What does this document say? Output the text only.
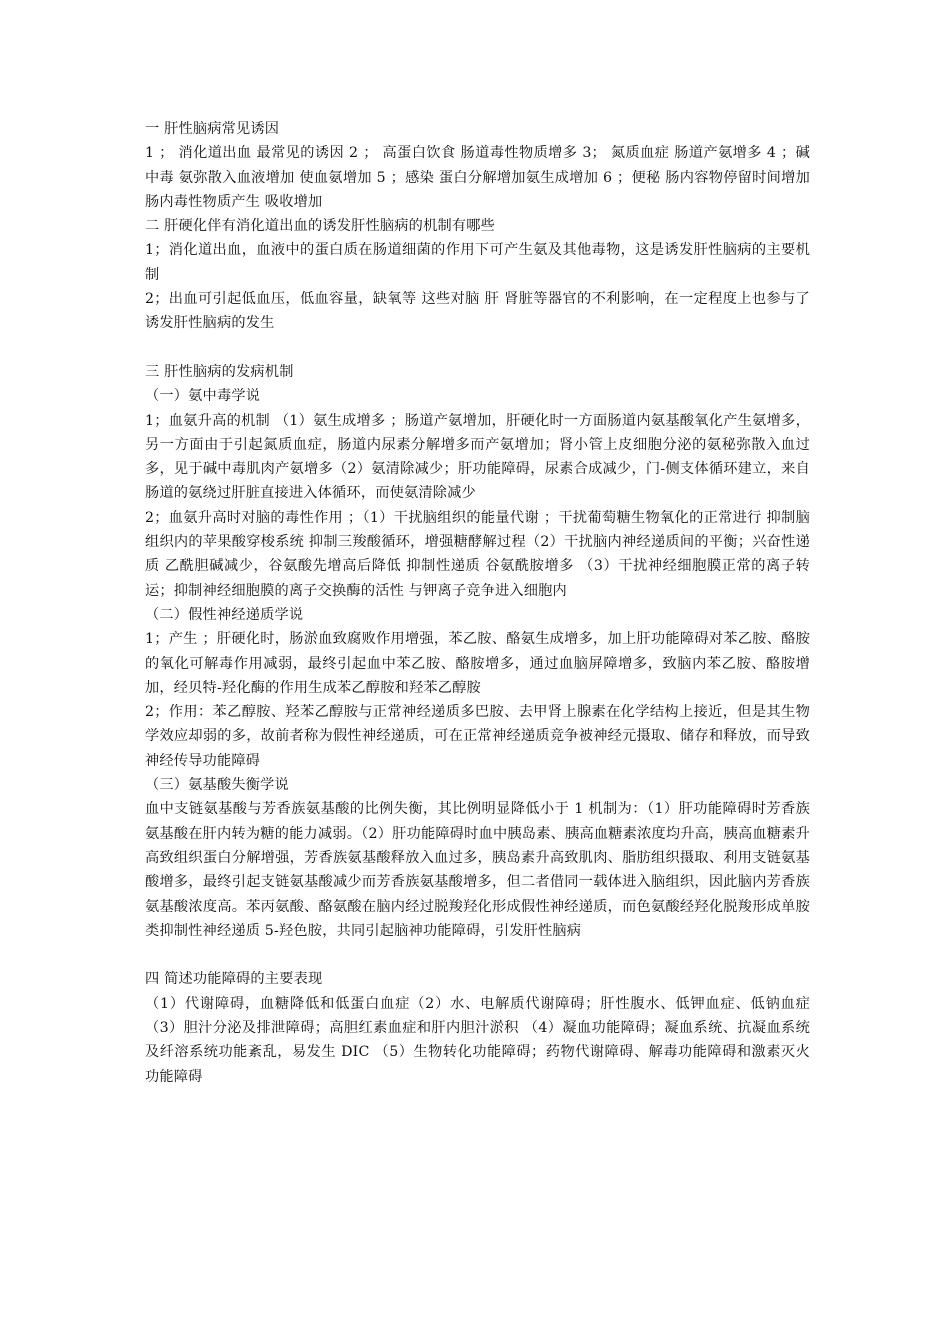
一 肝性脑病常见诱因

1 ； 消化道出血 最常见的诱因 2 ； 高蛋白饮食 肠道毒性物质增多 3； 氮质血症 肠道产氨增多 4 ；碱中毒 氨弥散入血液增加 使血氨增加 5 ；感染 蛋白分解增加氨生成增加 6 ；便秘 肠内容物停留时间增加 肠内毒性物质产生 吸收增加

二 肝硬化伴有消化道出血的诱发肝性脑病的机制有哪些

1；消化道出血，血液中的蛋白质在肠道细菌的作用下可产生氨及其他毒物，这是诱发肝性脑病的主要机制

2；出血可引起低血压，低血容量，缺氧等 这些对脑 肝 肾脏等器官的不利影响，在一定程度上也参与了诱发肝性脑病的发生

三 肝性脑病的发病机制

（一）氨中毒学说

1；血氨升高的机制 （1）氨生成增多 ；肠道产氨增加，肝硬化时一方面肠道内氨基酸氧化产生氨增多，另一方面由于引起氮质血症，肠道内尿素分解增多而产氨增加；肾小管上皮细胞分泌的氨秘弥散入血过多，见于碱中毒肌肉产氨增多（2）氨清除减少；肝功能障碍，尿素合成减少，门-侧支体循环建立，来自肠道的氨绕过肝脏直接进入体循环，而使氨清除减少

2；血氨升高时对脑的毒性作用 ；（1）干扰脑组织的能量代谢 ；干扰葡萄糖生物氧化的正常进行 抑制脑组织内的苹果酸穿梭系统 抑制三羧酸循环，增强糖酵解过程（2）干扰脑内神经递质间的平衡；兴奋性递质 乙酰胆碱减少，谷氨酸先增高后降低 抑制性递质 谷氨酰胺增多 （3）干扰神经细胞膜正常的离子转运；抑制神经细胞膜的离子交换酶的活性 与钾离子竞争进入细胞内

（二）假性神经递质学说

1；产生 ；肝硬化时，肠淤血致腐败作用增强，苯乙胺、酪氨生成增多，加上肝功能障碍对苯乙胺、酪胺的氧化可解毒作用减弱，最终引起血中苯乙胺、酪胺增多，通过血脑屏障增多，致脑内苯乙胺、酪胺增加，经贝特-羟化酶的作用生成苯乙醇胺和羟苯乙醇胺

2；作用：苯乙醇胺、羟苯乙醇胺与正常神经递质多巴胺、去甲肾上腺素在化学结构上接近，但是其生物学效应却弱的多，故前者称为假性神经递质，可在正常神经递质竞争被神经元摄取、储存和释放，而导致神经传导功能障碍

（三）氨基酸失衡学说

血中支链氨基酸与芳香族氨基酸的比例失衡，其比例明显降低小于 1 机制为：（1）肝功能障碍时芳香族氨基酸在肝内转为糖的能力减弱。（2）肝功能障碍时血中胰岛素、胰高血糖素浓度均升高，胰高血糖素升高致组织蛋白分解增强，芳香族氨基酸释放入血过多，胰岛素升高致肌肉、脂肪组织摄取、利用支链氨基酸增多，最终引起支链氨基酸减少而芳香族氨基酸增多，但二者借同一载体进入脑组织，因此脑内芳香族氨基酸浓度高。苯丙氨酸、酪氨酸在脑内经过脱羧羟化形成假性神经递质，而色氨酸经羟化脱羧形成单胺类抑制性神经递质 5-羟色胺，共同引起脑神功能障碍，引发肝性脑病

四 简述功能障碍的主要表现

（1）代谢障碍，血糖降低和低蛋白血症（2）水、电解质代谢障碍；肝性腹水、低钾血症、低钠血症 （3）胆汁分泌及排泄障碍；高胆红素血症和肝内胆汁淤积 （4）凝血功能障碍；凝血系统、抗凝血系统及纤溶系统功能紊乱，易发生 DIC （5）生物转化功能障碍；药物代谢障碍、解毒功能障碍和激素灭火功能障碍
